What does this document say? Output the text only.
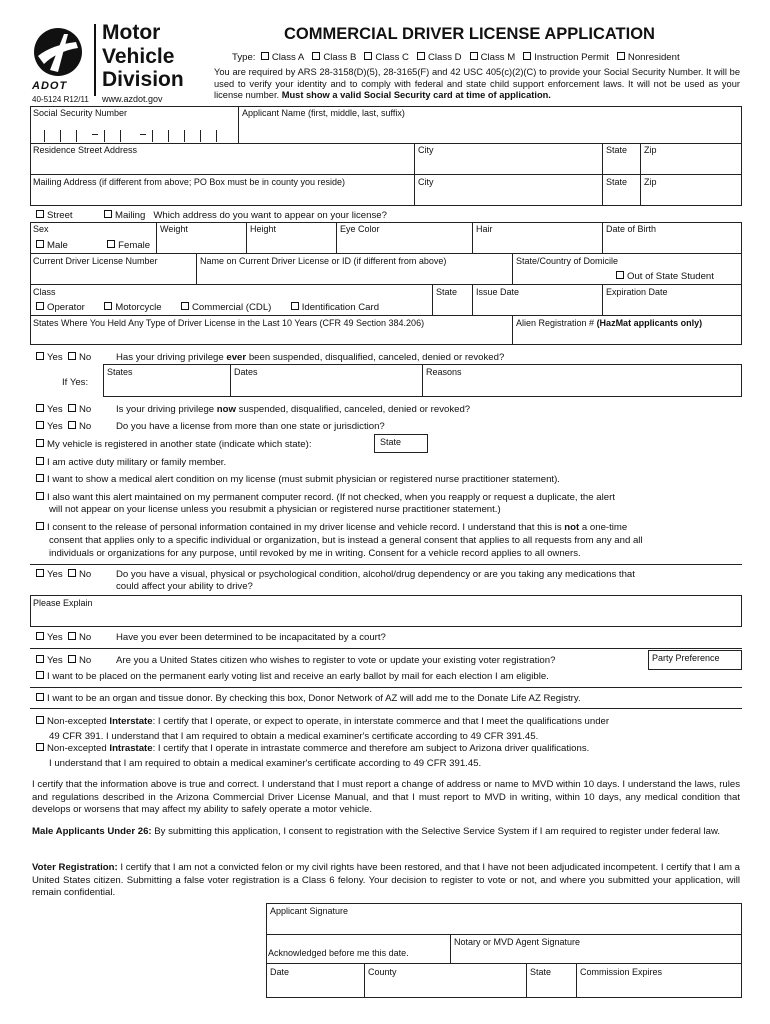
ADOT
Motor
Vehicle
Division
40-5124 R12/11 www.azdot.gov
COMMERCIAL DRIVER LICENSE APPLICATION
Type: Class A Class B Class C Class D Class M Instruction Permit Nonresident
You are required by ARS 28-3158(D)(5), 28-3165(F) and 42 USC 405(c)(2)(C) to provide your Social Security Number. It will be used to verify your identity and to comply with federal and state child support enforcement laws. It will not be used as your license number. Must show a valid Social Security card at time of application.
Social Security Number	Applicant Name (first, middle, last, suffix)
Residence Street Address	City	State Zip
Mailing Address (if different from above; PO Box must be in county you reside)	City	State Zip
Street	Mailing Which address do you want to appear on your license?
Sex	Weight	Height	Eye Color	Hair	Date of Birth
Male	Female
Current Driver License Number	Name on Current Driver License or ID (if different from above)	State/Country of Domicile
Out of State Student
Class	State Issue Date	Expiration Date
Operator	Motorcycle	Commercial (CDL)	Identification Card
States Where You Held Any Type of Driver License in the Last 10 Years (CFR 49 Section 384.206)	Alien Registration # (HazMat applicants only)
Yes No	Has your driving privilege ever been suspended, disqualified, canceled, denied or revoked?
If Yes:
States	Dates	Reasons
Yes No	Is your driving privilege now suspended, disqualified, canceled, denied or revoked?
Yes No	Do you have a license from more than one state or jurisdiction?
My vehicle is registered in another state (indicate which state):	State
I am active duty military or family member.
I want to show a medical alert condition on my license (must submit physician or registered nurse practitioner statement).
I also want this alert maintained on my permanent computer record. (If not checked, when you reapply or request a duplicate, the alert
will not appear on your license unless you resubmit a physician or registered nurse practitioner statement.)
I consent to the release of personal information contained in my driver license and vehicle record. I understand that this is not a one-time
consent that applies only to a specific individual or organization, but is instead a general consent that applies to all requests from any and all
individuals or organizations for any purpose, until revoked by me in writing. Consent for a vehicle record applies to all owners.
Yes No	Do you have a visual, physical or psychological condition, alcohol/drug dependency or are you taking any medications that
could affect your ability to drive?
Please Explain
Yes No	Have you ever been determined to be incapacitated by a court?
Yes No	Are you a United States citizen who wishes to register to vote or update your existing voter registration?	Party Preference
I want to be placed on the permanent early voting list and receive an early ballot by mail for each election I am eligible.
I want to be an organ and tissue donor. By checking this box, Donor Network of AZ will add me to the Donate Life AZ Registry.
Non-excepted Interstate: I certify that I operate, or expect to operate, in interstate commerce and that I meet the qualifications under
49 CFR 391. I understand that I am required to obtain a medical examiner's certificate according to 49 CFR 391.45.
Non-excepted Intrastate: I certify that I operate in intrastate commerce and therefore am subject to Arizona driver qualifications.
I understand that I am required to obtain a medical examiner's certificate according to 49 CFR 391.45.
I certify that the information above is true and correct. I understand that I must report a change of address or name to MVD within 10 days. I understand the laws, rules and regulations described in the Arizona Commercial Driver License Manual, and that I must report to MVD in writing, within 10 days, any medical condition that develops or worsens that may affect my ability to safely operate a motor vehicle.
Male Applicants Under 26: By submitting this application, I consent to registration with the Selective Service System if I am required to register under federal law.
Voter Registration: I certify that I am not a convicted felon or my civil rights have been restored, and that I have not been adjudicated incompetent. I certify that I am a United States citizen. Submitting a false voter registration is a Class 6 felony. Your decision to register to vote or not, and where you submitted your application, will remain confidential.
Applicant Signature
Acknowledged before me this date.
Notary or MVD Agent Signature
Date	County	State	Commission Expires
